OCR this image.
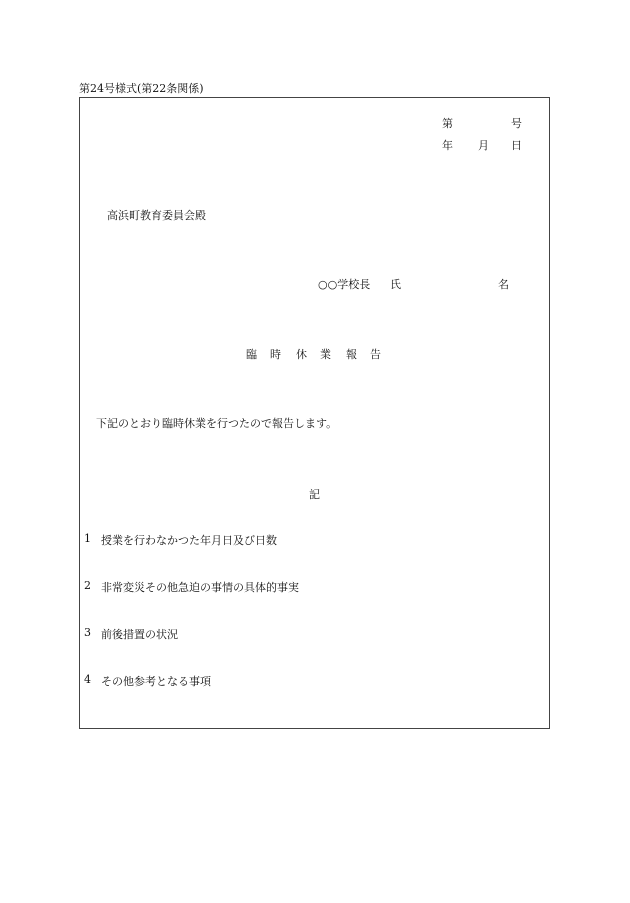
第24号様式(第22条関係)
第	号
年 月 日
高浜町教育委員会殿
○○学校長 氏	名
臨 時 休 業 報 告
下記のとおり臨時休業を行つたので報告します。
記
1 授業を行わなかつた年月日及び日数
2 非常変災その他急迫の事情の具体的事実
3 前後措置の状況
4 その他参考となる事項
